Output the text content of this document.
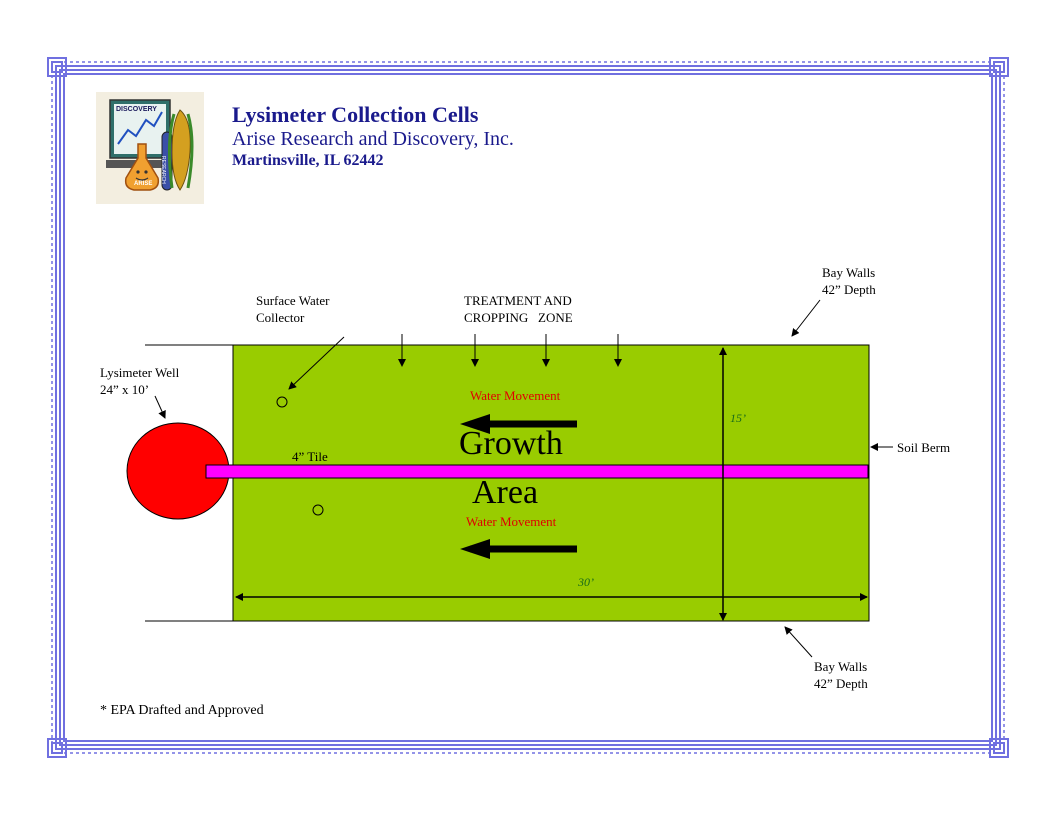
DISCOVERY
ARISE
RESEARCH
Lysimeter Collection Cells
Arise Research and Discovery, Inc.
Martinsville, IL 62442
Surface Water
Collector
TREATMENT AND
CROPPING   ZONE
Bay Walls
42” Depth
Bay Walls
42” Depth
Lysimeter Well
24” x 10’
Soil Berm
4” Tile	Growth
Area
Water Movement
Water Movement
15’
30’
* EPA Drafted and Approved
